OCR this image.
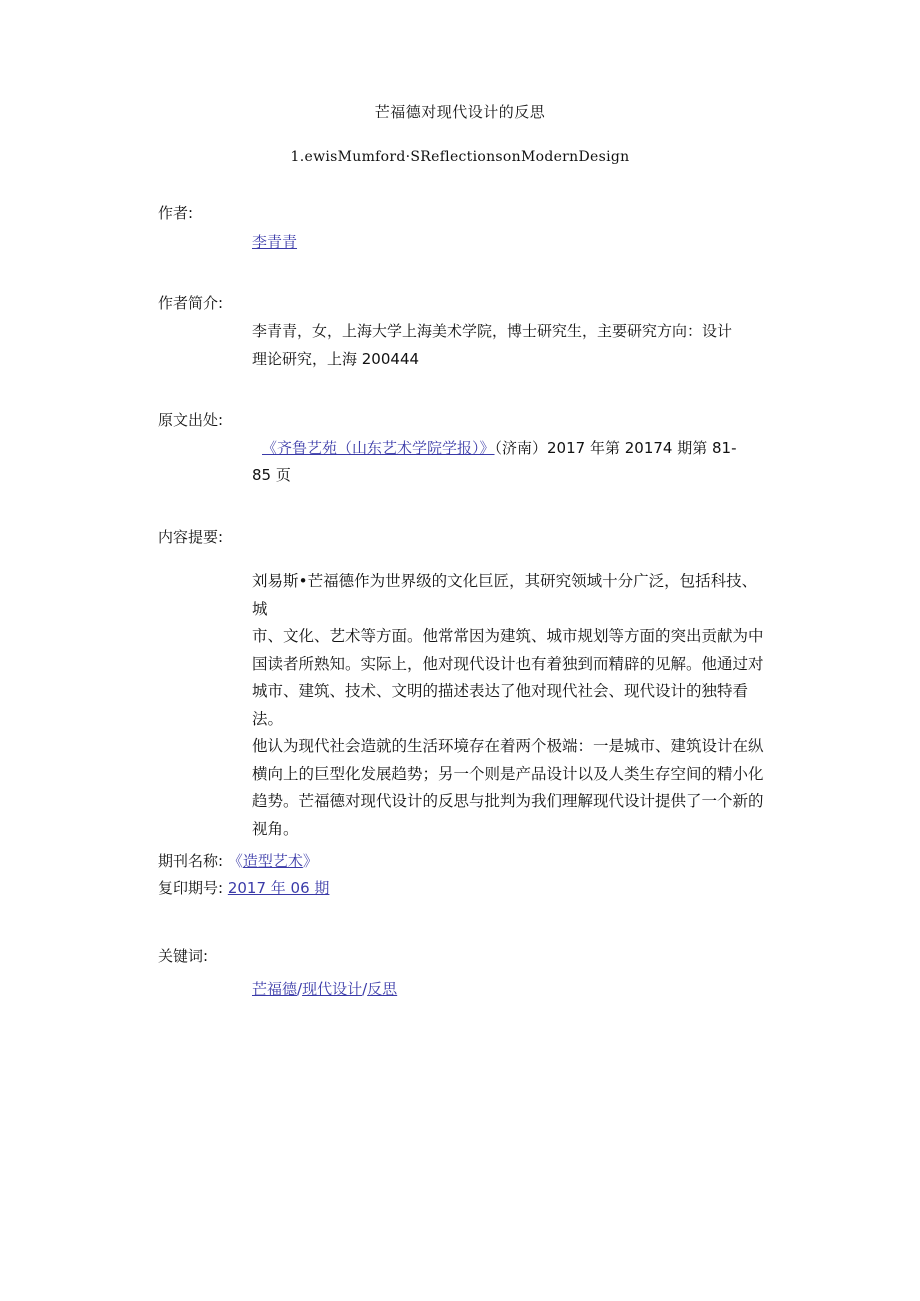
芒福德对现代设计的反思
1.ewisMumford·SReflectionsonModernDesign
作者:
李青青
作者简介:
李青青，女，上海大学上海美术学院，博士研究生，主要研究方向：设计
理论研究，上海 200444
原文出处:
《齐鲁艺苑（山东艺术学院学报）》（济南）2017 年第 20174 期第 81-
85 页
内容提要:
刘易斯•芒福德作为世界级的文化巨匠，其研究领域十分广泛，包括科技、城
市、文化、艺术等方面。他常常因为建筑、城市规划等方面的突出贡献为中
国读者所熟知。实际上，他对现代设计也有着独到而精辟的见解。他通过对
城市、建筑、技术、文明的描述表达了他对现代社会、现代设计的独特看法。
他认为现代社会造就的生活环境存在着两个极端：一是城市、建筑设计在纵
横向上的巨型化发展趋势；另一个则是产品设计以及人类生存空间的精小化
趋势。芒福德对现代设计的反思与批判为我们理解现代设计提供了一个新的
视角。
期刊名称: 《造型艺术》
复印期号: 2017 年 06 期
关键词:
芒福德/现代设计/反思
